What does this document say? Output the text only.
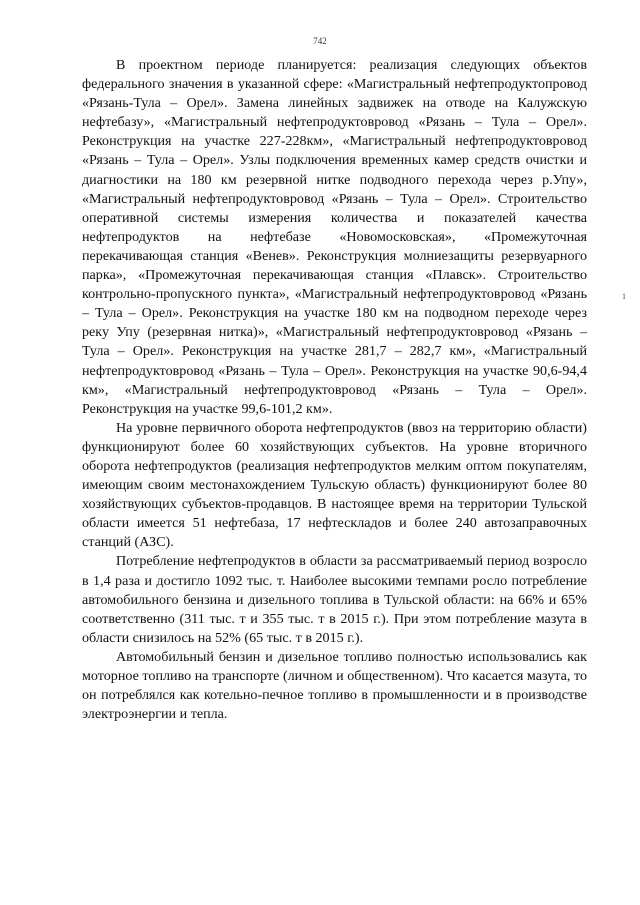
742

В проектном периоде планируется: реализация следующих объектов федерального значения в указанной сфере: «Магистральный нефтепродуктопровод «Рязань-Тула – Орел». Замена линейных задвижек на отводе на Калужскую нефтебазу», «Магистральный нефтепродуктовровод «Рязань – Тула – Орел». Реконструкция на участке 227-228км», «Магистральный нефтепродуктовровод «Рязань – Тула – Орел». Узлы подключения временных камер средств очистки и диагностики на 180 км резервной нитке подводного перехода через р.Упу», «Магистральный нефтепродуктовровод «Рязань – Тула – Орел». Строительство оперативной системы измерения количества и показателей качества нефтепродуктов на нефтебазе «Новомосковская», «Промежуточная перекачивающая станция «Венев». Реконструкция молниезащиты резервуарного парка», «Промежуточная перекачивающая станция «Плавск». Строительство контрольно-пропускного пункта», «Магистральный нефтепродуктовровод «Рязань – Тула – Орел». Реконструкция на участке 180 км на подводном переходе через реку Упу (резервная нитка)», «Магистральный нефтепродуктовровод «Рязань – Тула – Орел». Реконструкция на участке 281,7 – 282,7 км», «Магистральный нефтепродуктовровод «Рязань – Тула – Орел». Реконструкция на участке 90,6-94,4 км», «Магистральный нефтепродуктовровод «Рязань – Тула – Орел». Реконструкция на участке 99,6-101,2 км».

На уровне первичного оборота нефтепродуктов (ввоз на территорию области) функционируют более 60 хозяйствующих субъектов. На уровне вторичного оборота нефтепродуктов (реализация нефтепродуктов мелким оптом покупателям, имеющим своим местонахождением Тульскую область) функционируют более 80 хозяйствующих субъектов-продавцов. В настоящее время на территории Тульской области имеется 51 нефтебаза, 17 нефтескладов и более 240 автозаправочных станций (АЗС).

Потребление нефтепродуктов в области за рассматриваемый период возросло в 1,4 раза и достигло 1092 тыс. т. Наиболее высокими темпами росло потребление автомобильного бензина и дизельного топлива в Тульской области: на 66% и 65% соответственно (311 тыс. т и 355 тыс. т в 2015 г.). При этом потребление мазута в области снизилось на 52% (65 тыс. т в 2015 г.).

Автомобильный бензин и дизельное топливо полностью использовались как моторное топливо на транспорте (личном и общественном). Что касается мазута, то он потреблялся как котельно-печное топливо в промышленности и в производстве электроэнергии и тепла.

1
